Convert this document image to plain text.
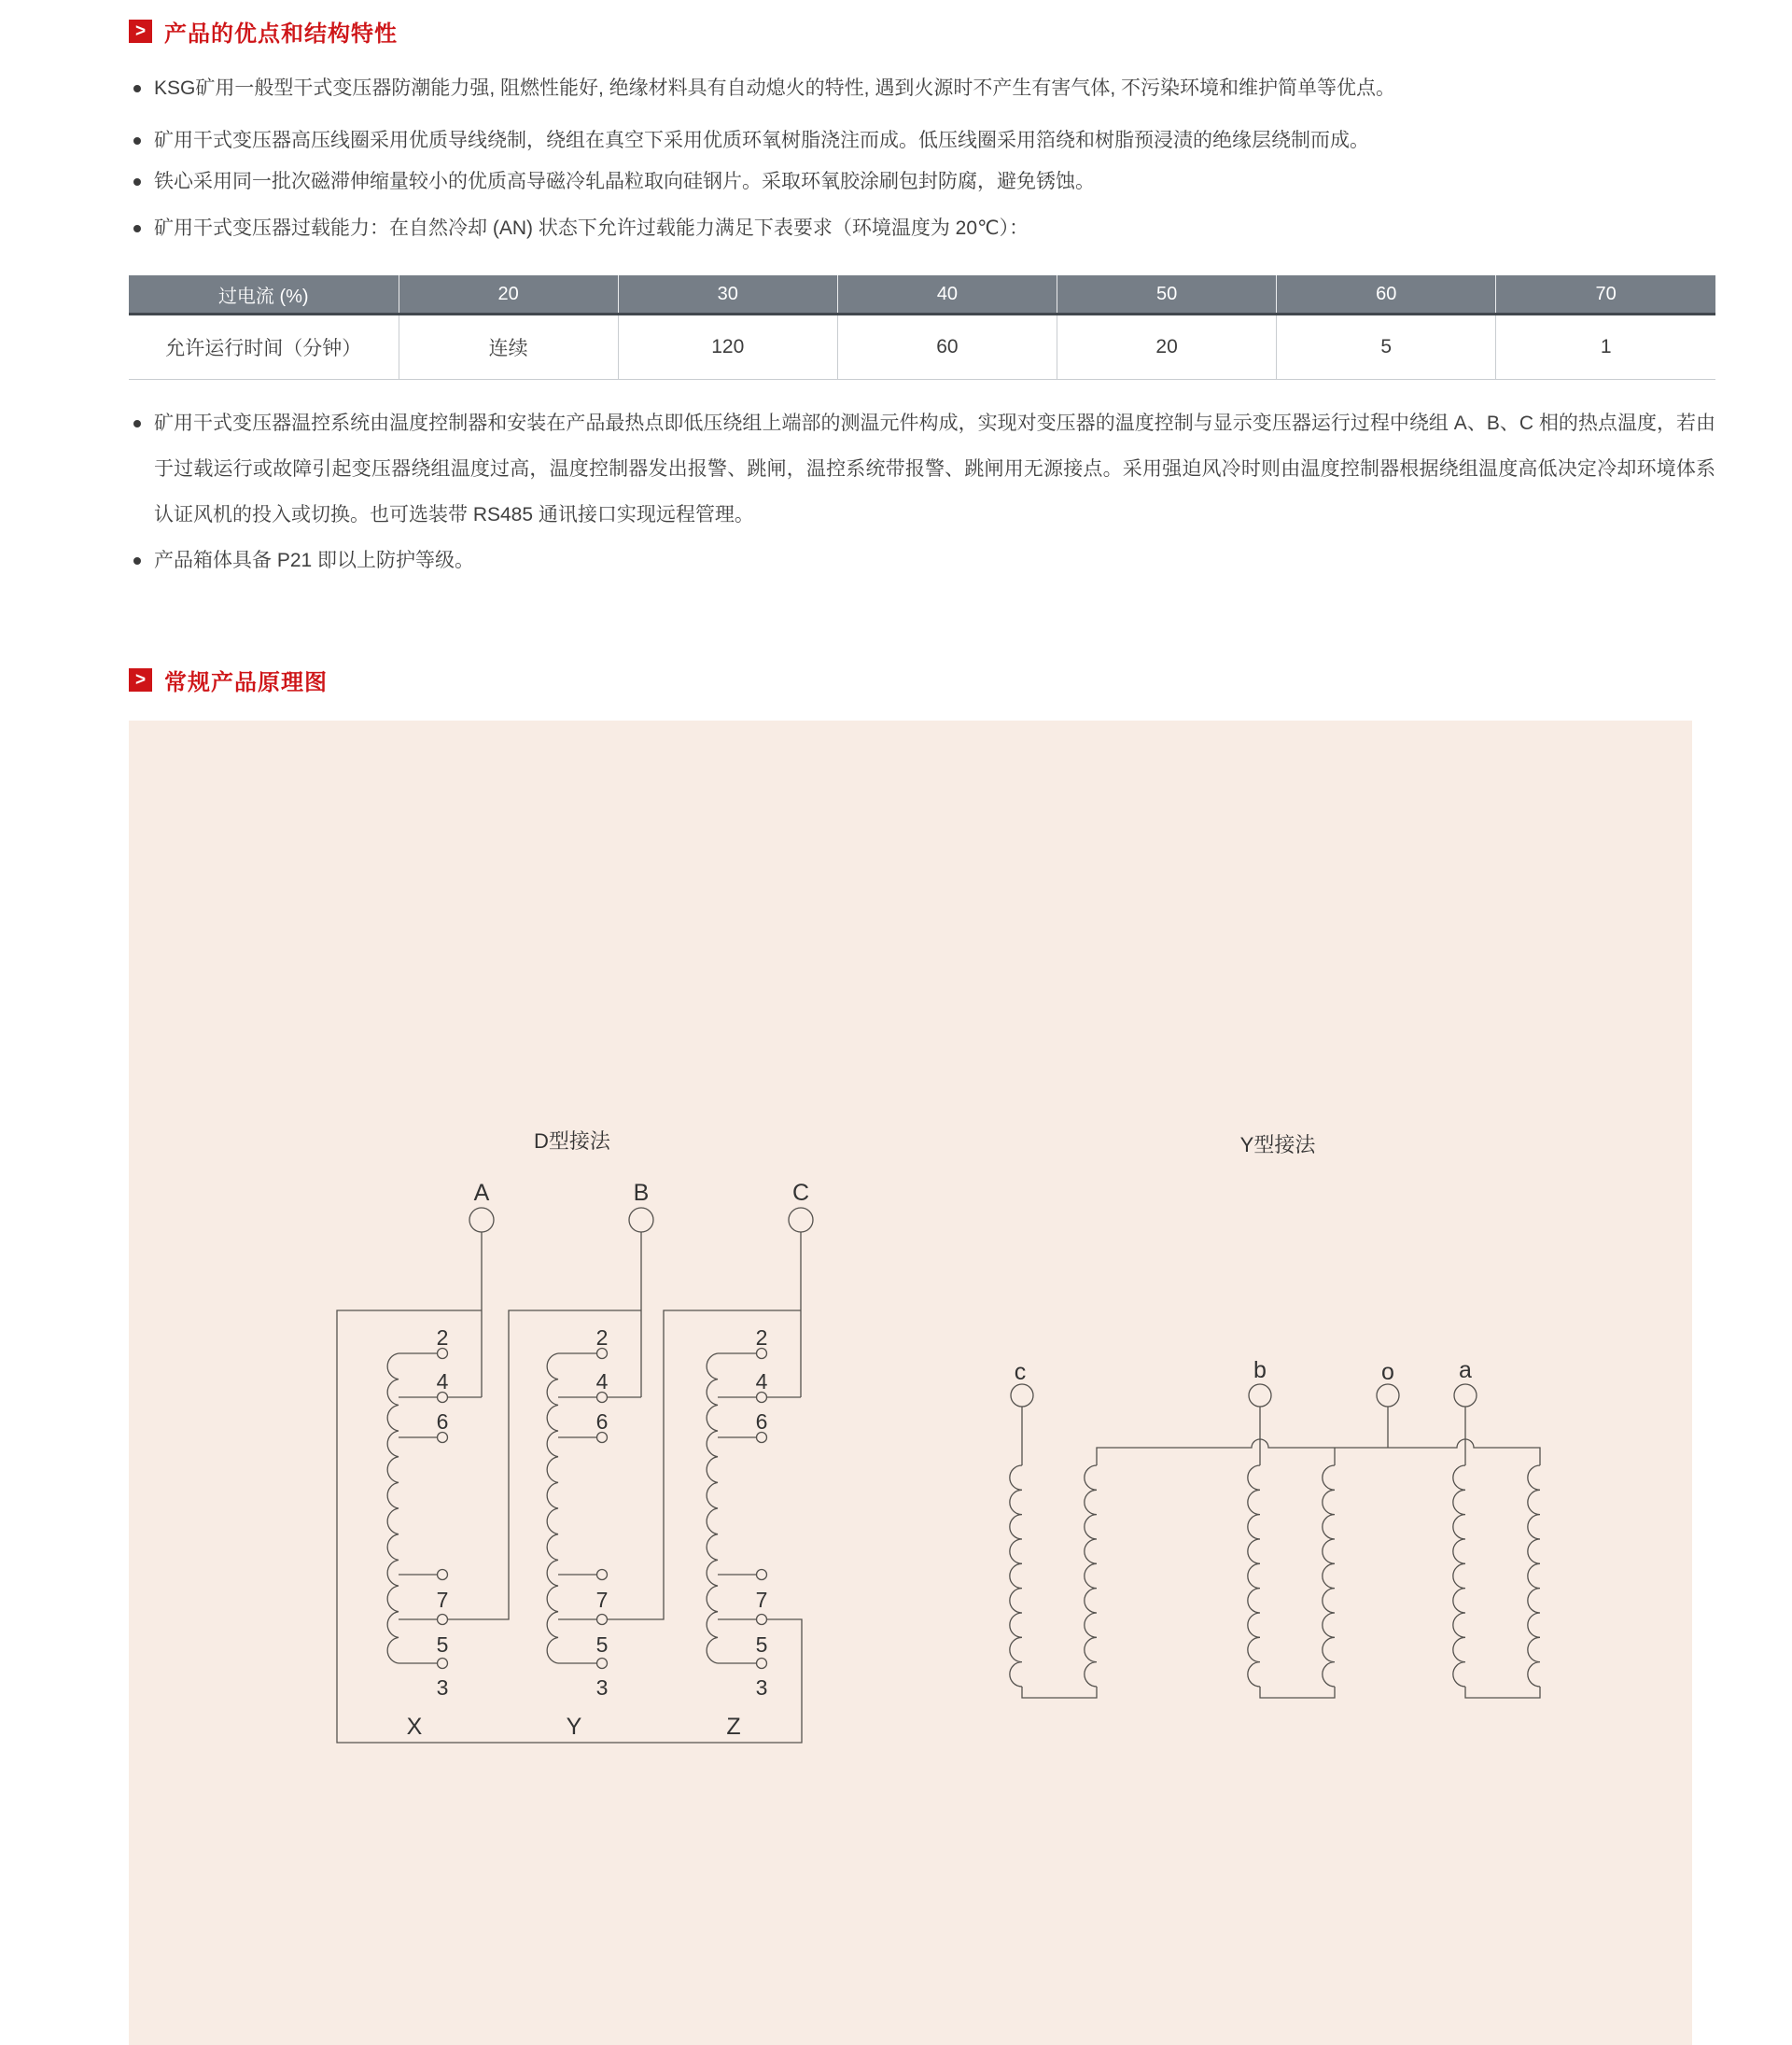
> 产品的优点和结构特性
KSG矿用一般型干式变压器防潮能力强, 阻燃性能好, 绝缘材料具有自动熄火的特性, 遇到火源时不产生有害气体, 不污染环境和维护简单等优点。
矿用干式变压器高压线圈采用优质导线绕制，绕组在真空下采用优质环氧树脂浇注而成。低压线圈采用箔绕和树脂预浸渍的绝缘层绕制而成。
铁心采用同一批次磁滞伸缩量较小的优质高导磁冷轧晶粒取向硅钢片。采取环氧胶涂刷包封防腐，避免锈蚀。
矿用干式变压器过载能力：在自然冷却 (AN) 状态下允许过载能力满足下表要求（环境温度为 20℃）：
过电流 (%)	20	30	40	50	60	70
允许运行时间（分钟）	连续	120	60	20	5	1
矿用干式变压器温控系统由温度控制器和安装在产品最热点即低压绕组上端部的测温元件构成，实现对变压器的温度控制与显示变压器运行过程中绕组 A、B、C 相的热点温度，若由于过载运行或故障引起变压器绕组温度过高，温度控制器发出报警、跳闸，温控系统带报警、跳闸用无源接点。采用强迫风冷时则由温度控制器根据绕组温度高低决定冷却环境体系认证风机的投入或切换。也可选装带 RS485 通讯接口实现远程管理。
产品箱体具备 P21 即以上防护等级。
> 常规产品原理图
D型接法
A	B	C
2
4
6
7
5
3
2
4
6
7
5
3
2
4
6
7
5
3
X	Y	Z
Y型接法
c	b	o	a
